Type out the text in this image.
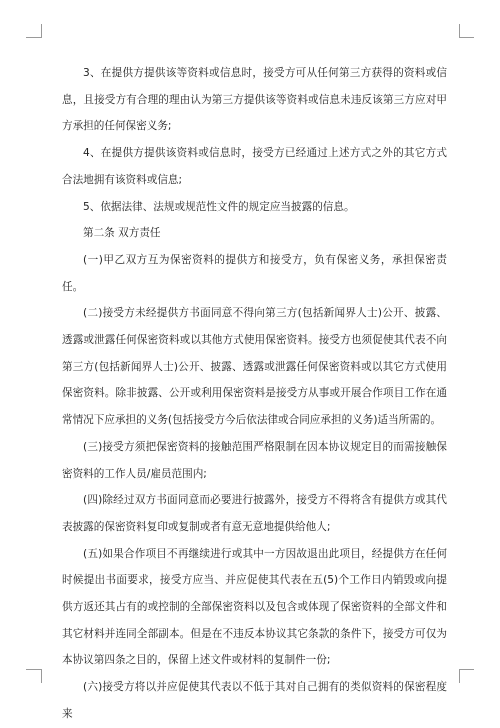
3、在提供方提供该等资料或信息时，接受方可从任何第三方获得的资料或信息，且接受方有合理的理由认为第三方提供该等资料或信息未违反该第三方应对甲方承担的任何保密义务;

4、在提供方提供该资料或信息时，接受方已经通过上述方式之外的其它方式合法地拥有该资料或信息;

5、依据法律、法规或规范性文件的规定应当披露的信息。

第二条 双方责任

(一)甲乙双方互为保密资料的提供方和接受方，负有保密义务，承担保密责任。

(二)接受方未经提供方书面同意不得向第三方(包括新闻界人士)公开、披露、透露或泄露任何保密资料或以其他方式使用保密资料。接受方也须促使其代表不向第三方(包括新闻界人士)公开、披露、透露或泄露任何保密资料或以其它方式使用保密资料。除非披露、公开或利用保密资料是接受方从事或开展合作项目工作在通常情况下应承担的义务(包括接受方今后依法律或合同应承担的义务)适当所需的。

(三)接受方须把保密资料的接触范围严格限制在因本协议规定目的而需接触保密资料的工作人员/雇员范围内;

(四)除经过双方书面同意而必要进行披露外，接受方不得将含有提供方或其代表披露的保密资料复印或复制或者有意无意地提供给他人;

(五)如果合作项目不再继续进行或其中一方因故退出此项目，经提供方在任何时候提出书面要求，接受方应当、并应促使其代表在五(5)个工作日内销毁或向提供方返还其占有的或控制的全部保密资料以及包含或体现了保密资料的全部文件和其它材料并连同全部副本。但是在不违反本协议其它条款的条件下，接受方可仅为本协议第四条之目的，保留上述文件或材料的复制件一份;

(六)接受方将以并应促使其代表以不低于其对自己拥有的类似资料的保密程度来
